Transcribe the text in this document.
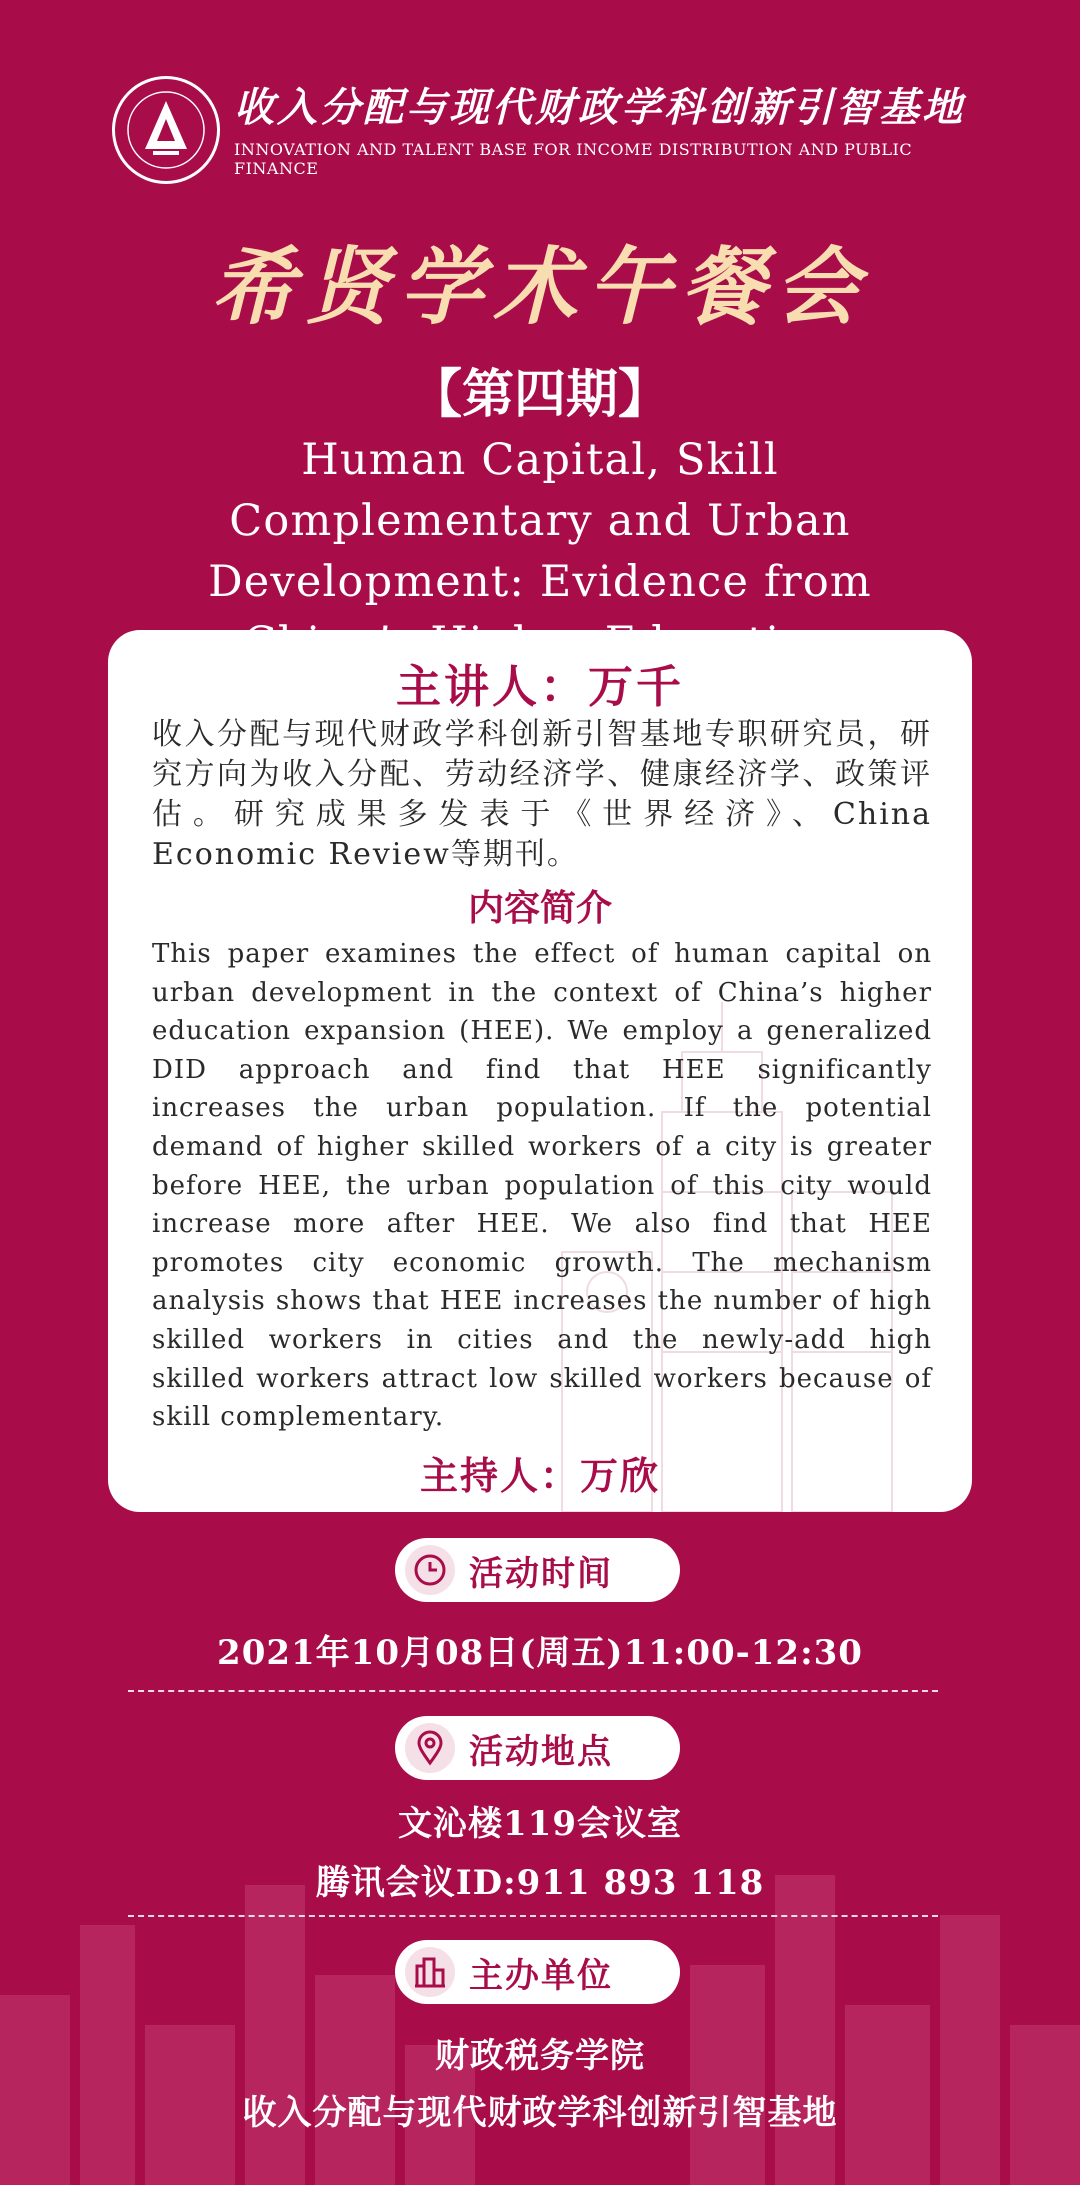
收入分配与现代财政学科创新引智基地
INNOVATION AND TALENT BASE FOR INCOME DISTRIBUTION AND PUBLIC FINANCE
希贤学术午餐会
【第四期】
Human Capital, Skill Complementary and Urban Development: Evidence from
主讲人：万千
收入分配与现代财政学科创新引智基地专职研究员，研究方向为收入分配、劳动经济学、健康经济学、政策评估。研究成果多发表于《世界经济》、China Economic Review等期刊。
内容简介
This paper examines the effect of human capital on urban development in the context of China’s higher education expansion (HEE). We employ a generalized DID approach and find that HEE significantly increases the urban population. If the potential demand of higher skilled workers of a city is greater before HEE, the urban population of this city would increase more after HEE. We also find that HEE promotes city economic growth. The mechanism analysis shows that HEE increases the number of high skilled workers in cities and the newly-add high skilled workers attract low skilled workers because of skill complementary.
主持人：万欣
活动时间
2021年10月08日(周五)11:00-12:30
活动地点
文沁楼119会议室
腾讯会议ID:911 893 118
主办单位
财政税务学院
收入分配与现代财政学科创新引智基地
